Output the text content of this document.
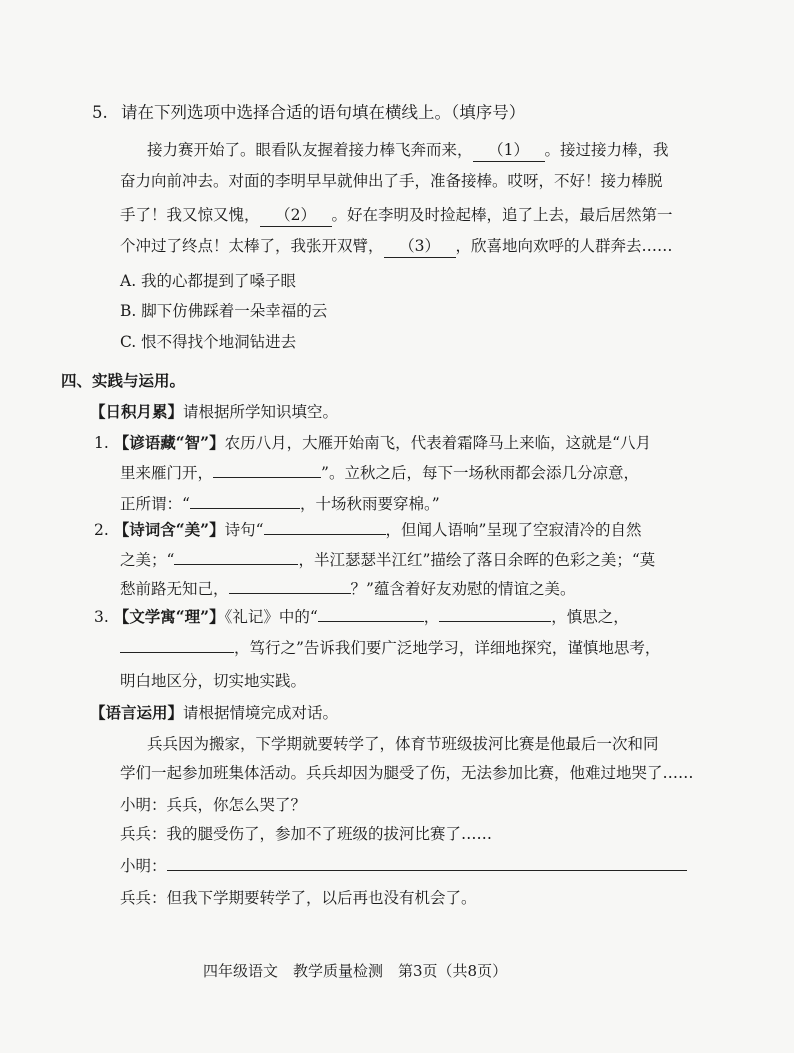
5. 请在下列选项中选择合适的语句填在横线上。（填序号）
接力赛开始了。眼看队友握着接力棒飞奔而来， （1） 。接过接力棒，我
奋力向前冲去。对面的李明早早就伸出了手，准备接棒。哎呀，不好！接力棒脱
手了！我又惊又愧， （2） 。好在李明及时捡起棒，追了上去，最后居然第一
个冲过了终点！太棒了，我张开双臂， （3） ，欣喜地向欢呼的人群奔去……
A. 我的心都提到了嗓子眼
B. 脚下仿佛踩着一朵幸福的云
C. 恨不得找个地洞钻进去
四、实践与运用。
【日积月累】请根据所学知识填空。
1. 【谚语藏“智”】农历八月，大雁开始南飞，代表着霜降马上来临，这就是“八月
里来雁门开，	”。立秋之后，每下一场秋雨都会添几分凉意，
正所谓：“	，十场秋雨要穿棉。”
2. 【诗词含“美”】诗句“	，但闻人语响”呈现了空寂清冷的自然
之美；“	，半江瑟瑟半江红”描绘了落日余晖的色彩之美；“莫
愁前路无知己，	？”蕴含着好友劝慰的情谊之美。
3. 【文学寓“理”】《礼记》中的“	，	，慎思之，
，笃行之”告诉我们要广泛地学习，详细地探究，谨慎地思考，
明白地区分，切实地实践。
【语言运用】请根据情境完成对话。
兵兵因为搬家，下学期就要转学了，体育节班级拔河比赛是他最后一次和同
学们一起参加班集体活动。兵兵却因为腿受了伤，无法参加比赛，他难过地哭了……
小明：兵兵，你怎么哭了？
兵兵：我的腿受伤了，参加不了班级的拔河比赛了……
小明：
兵兵：但我下学期要转学了，以后再也没有机会了。
四年级语文　教学质量检测　第3页（共8页）
